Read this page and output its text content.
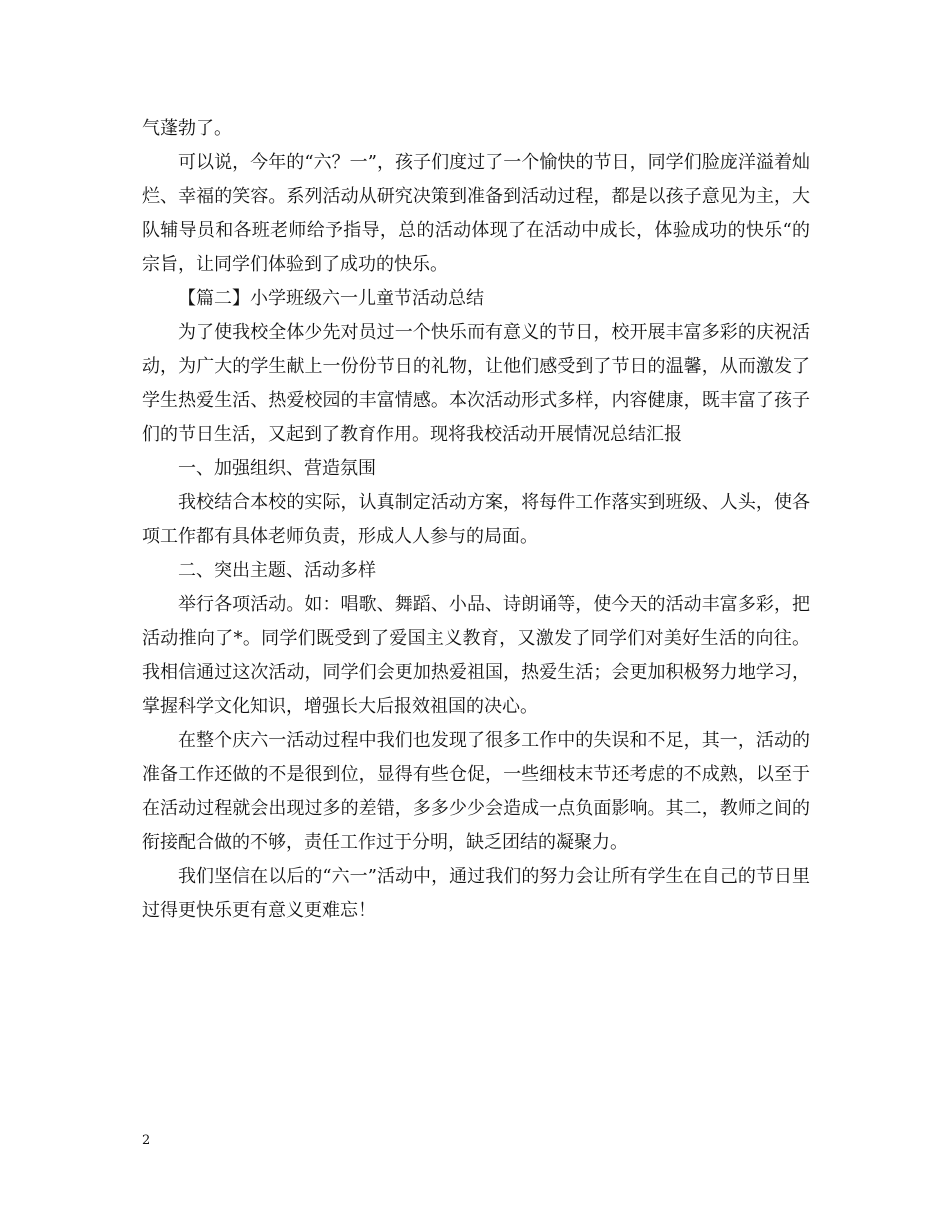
气蓬勃了。

可以说，今年的“六？一”，孩子们度过了一个愉快的节日，同学们脸庞洋溢着灿烂、幸福的笑容。系列活动从研究决策到准备到活动过程，都是以孩子意见为主，大队辅导员和各班老师给予指导，总的活动体现了在活动中成长，体验成功的快乐“的宗旨，让同学们体验到了成功的快乐。

【篇二】小学班级六一儿童节活动总结

为了使我校全体少先对员过一个快乐而有意义的节日，校开展丰富多彩的庆祝活动，为广大的学生献上一份份节日的礼物，让他们感受到了节日的温馨，从而激发了学生热爱生活、热爱校园的丰富情感。本次活动形式多样，内容健康，既丰富了孩子们的节日生活，又起到了教育作用。现将我校活动开展情况总结汇报

一、加强组织、营造氛围

我校结合本校的实际，认真制定活动方案，将每件工作落实到班级、人头，使各项工作都有具体老师负责，形成人人参与的局面。

二、突出主题、活动多样

举行各项活动。如：唱歌、舞蹈、小品、诗朗诵等，使今天的活动丰富多彩，把活动推向了*。同学们既受到了爱国主义教育，又激发了同学们对美好生活的向往。我相信通过这次活动，同学们会更加热爱祖国，热爱生活；会更加积极努力地学习，掌握科学文化知识，增强长大后报效祖国的决心。

在整个庆六一活动过程中我们也发现了很多工作中的失误和不足，其一，活动的准备工作还做的不是很到位，显得有些仓促，一些细枝末节还考虑的不成熟，以至于在活动过程就会出现过多的差错，多多少少会造成一点负面影响。其二，教师之间的衔接配合做的不够，责任工作过于分明，缺乏团结的凝聚力。

我们坚信在以后的“六一”活动中，通过我们的努力会让所有学生在自己的节日里过得更快乐更有意义更难忘！

2
